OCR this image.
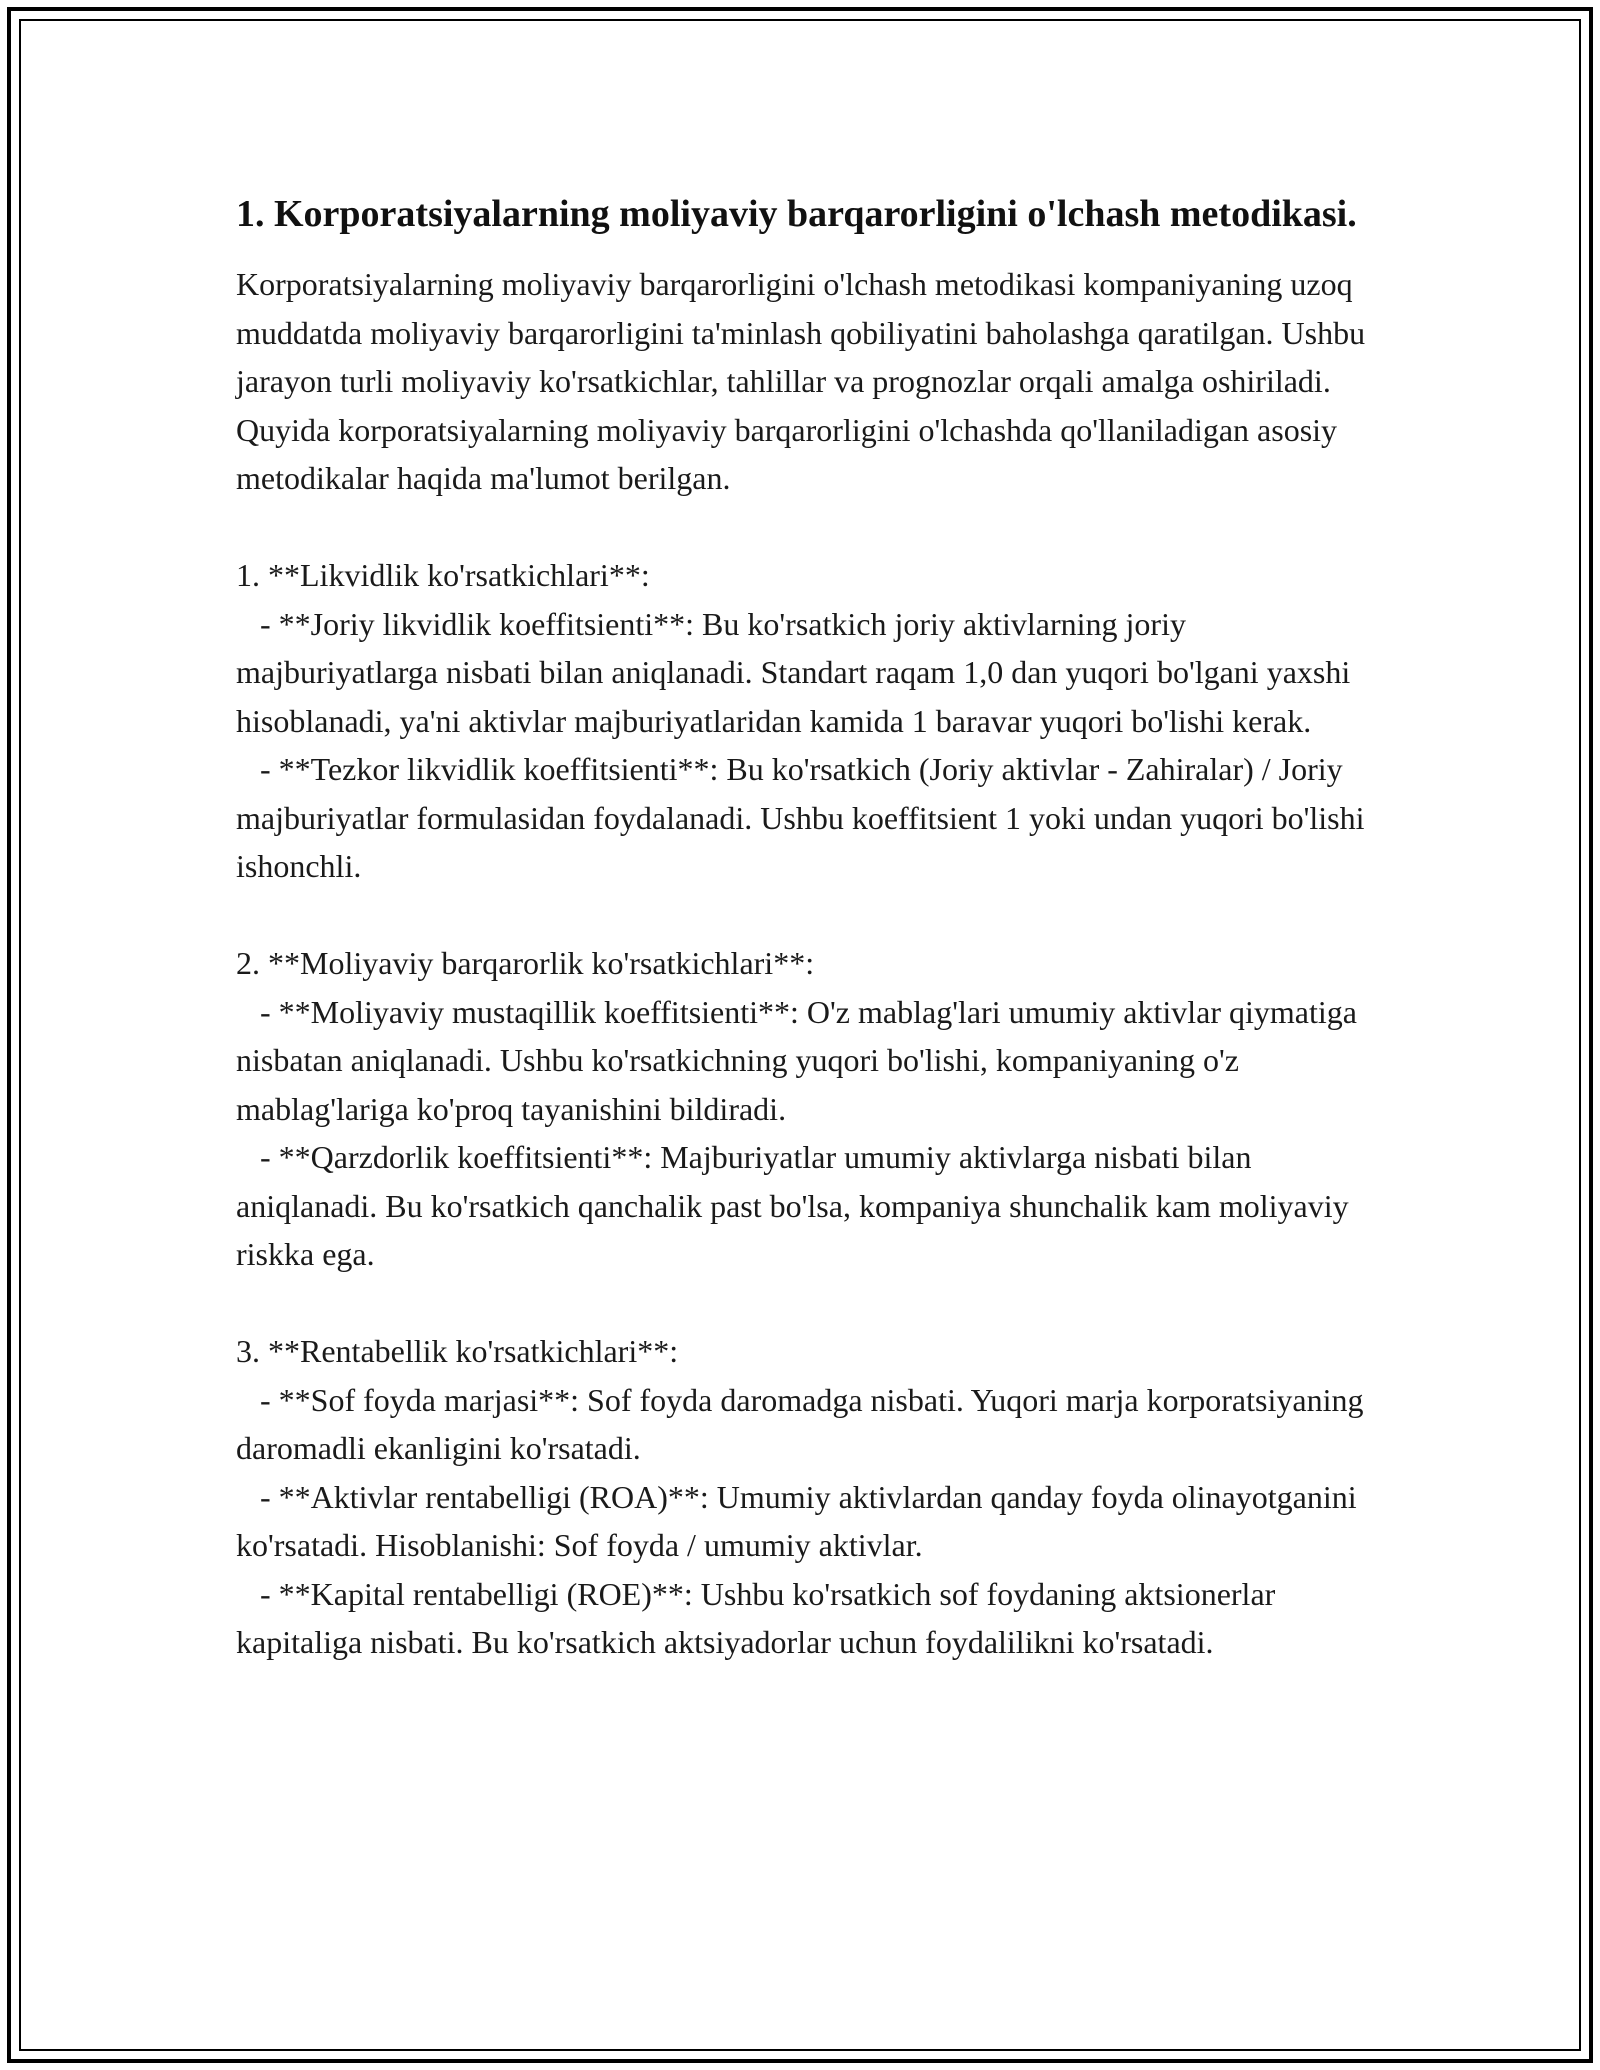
1. Korporatsiyalarning moliyaviy barqarorligini o'lchash metodikasi.

Korporatsiyalarning moliyaviy barqarorligini o'lchash metodikasi kompaniyaning uzoq muddatda moliyaviy barqarorligini ta'minlash qobiliyatini baholashga qaratilgan. Ushbu jarayon turli moliyaviy ko'rsatkichlar, tahlillar va prognozlar orqali amalga oshiriladi. Quyida korporatsiyalarning moliyaviy barqarorligini o'lchashda qo'llaniladigan asosiy metodikalar haqida ma'lumot berilgan.

1. **Likvidlik ko'rsatkichlari**:

- **Joriy likvidlik koeffitsienti**: Bu ko'rsatkich joriy aktivlarning joriy majburiyatlarga nisbati bilan aniqlanadi. Standart raqam 1,0 dan yuqori bo'lgani yaxshi hisoblanadi, ya'ni aktivlar majburiyatlaridan kamida 1 baravar yuqori bo'lishi kerak.

- **Tezkor likvidlik koeffitsienti**: Bu ko'rsatkich (Joriy aktivlar - Zahiralar) / Joriy majburiyatlar formulasidan foydalanadi. Ushbu koeffitsient 1 yoki undan yuqori bo'lishi ishonchli.

2. **Moliyaviy barqarorlik ko'rsatkichlari**:

- **Moliyaviy mustaqillik koeffitsienti**: O'z mablag'lari umumiy aktivlar qiymatiga nisbatan aniqlanadi. Ushbu ko'rsatkichning yuqori bo'lishi, kompaniyaning o'z mablag'lariga ko'proq tayanishini bildiradi.

- **Qarzdorlik koeffitsienti**: Majburiyatlar umumiy aktivlarga nisbati bilan aniqlanadi. Bu ko'rsatkich qanchalik past bo'lsa, kompaniya shunchalik kam moliyaviy riskka ega.

3. **Rentabellik ko'rsatkichlari**:

- **Sof foyda marjasi**: Sof foyda daromadga nisbati. Yuqori marja korporatsiyaning daromadli ekanligini ko'rsatadi.

- **Aktivlar rentabelligi (ROA)**: Umumiy aktivlardan qanday foyda olinayotganini ko'rsatadi. Hisoblanishi: Sof foyda / umumiy aktivlar.

- **Kapital rentabelligi (ROE)**: Ushbu ko'rsatkich sof foydaning aktsionerlar kapitaliga nisbati. Bu ko'rsatkich aktsiyadorlar uchun foydalilikni ko'rsatadi.
